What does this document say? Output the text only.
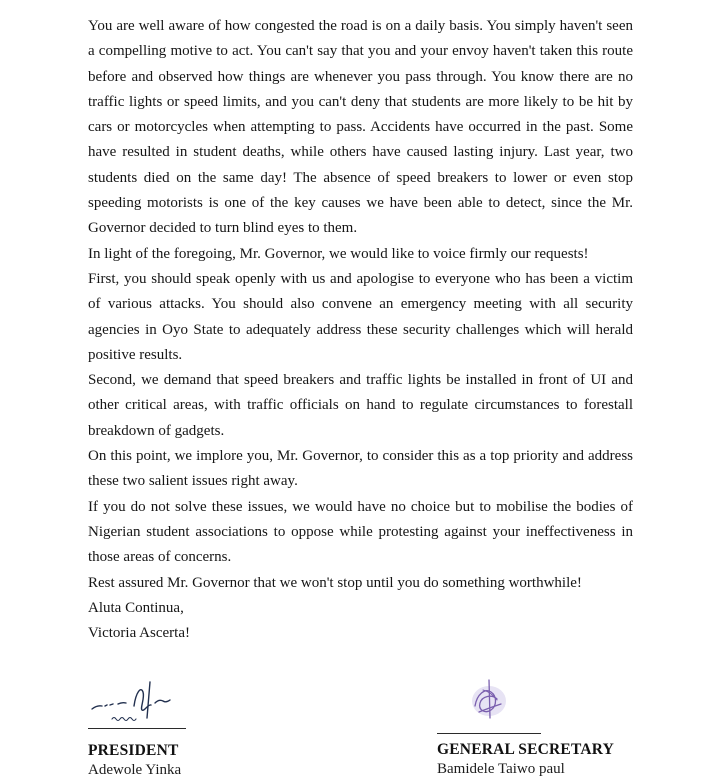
You are well aware of how congested the road is on a daily basis. You simply haven't seen a compelling motive to act. You can't say that you and your envoy haven't taken this route before and observed how things are whenever you pass through. You know there are no traffic lights or speed limits, and you can't deny that students are more likely to be hit by cars or motorcycles when attempting to pass. Accidents have occurred in the past. Some have resulted in student deaths, while others have caused lasting injury. Last year, two students died on the same day! The absence of speed breakers to lower or even stop speeding motorists is one of the key causes we have been able to detect, since the Mr. Governor decided to turn blind eyes to them.

In light of the foregoing, Mr. Governor, we would like to voice firmly our requests!

First, you should speak openly with us and apologise to everyone who has been a victim of various attacks. You should also convene an emergency meeting with all security agencies in Oyo State to adequately address these security challenges which will herald positive results.

Second, we demand that speed breakers and traffic lights be installed in front of UI and other critical areas, with traffic officials on hand to regulate circumstances to forestall breakdown of gadgets.

On this point, we implore you, Mr. Governor, to consider this as a top priority and address these two salient issues right away.

If you do not solve these issues, we would have no choice but to mobilise the bodies of Nigerian student associations to oppose while protesting against your ineffectiveness in those areas of concerns.

Rest assured Mr. Governor that we won't stop until you do something worthwhile!

Aluta Continua,

Victoria Ascerta!

PRESIDENT
Adewole Yinka
GENERAL SECRETARY
Bamidele Taiwo paul
